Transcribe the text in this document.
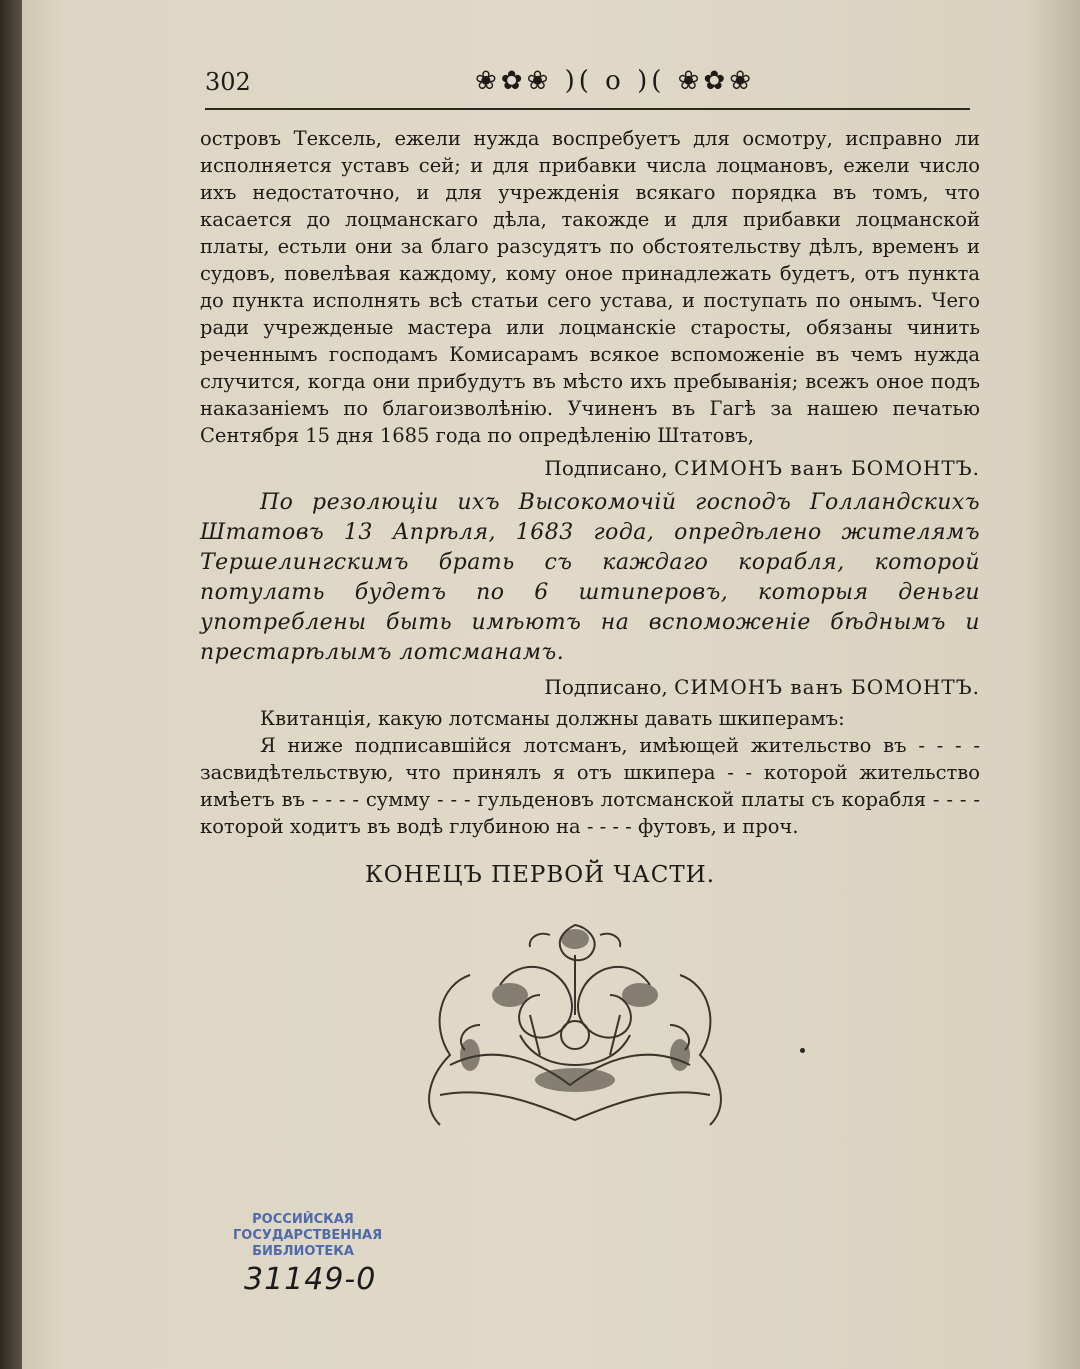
302	❀✿❀ )( o )( ❀✿❀

островъ Тексель, ежели нужда воспребуетъ для осмотру, исправно ли исполняется уставъ сей; и для прибавки числа лоцмановъ, ежели число ихъ недостаточно, и для учрежденія всякаго порядка въ томъ, что касается до лоцманскаго дѣла, такожде и для прибавки лоцманской платы, естьли они за благо разсудятъ по обстоятельству дѣлъ, временъ и судовъ, повелѣвая каждому, кому оное принадлежать будетъ, отъ пункта до пункта исполнять всѣ статьи сего устава, и поступать по онымъ. Чего ради учрежденые мастера или лоцманскіе старосты, обязаны чинить реченнымъ господамъ Комисарамъ всякое вспоможеніе въ чемъ нужда случится, когда они прибудутъ въ мѣсто ихъ пребыванія; всежъ оное подъ наказаніемъ по благоизволѣнію. Учиненъ въ Гагѣ за нашею печатью Сентября 15 дня 1685 года по опредѣленію Штатовъ,

Подписано, СИМОНЪ ванъ БОМОНТЪ.

По резолюціи ихъ Высокомочій господъ Голландскихъ Штатовъ 13 Апрѣля, 1683 года, опредѣлено жителямъ Тершелингскимъ брать съ каждаго корабля, которой потулать будетъ по 6 штиперовъ, которыя деньги употреблены быть имѣютъ на вспоможеніе бѣднымъ и престарѣлымъ лотсманамъ.

Подписано, СИМОНЪ ванъ БОМОНТЪ.

Квитанція, какую лотсманы должны давать шкиперамъ:

Я ниже подписавшійся лотсманъ, имѣющей жительство въ - - - - засвидѣтельствую, что принялъ я отъ шкипера - - которой жительство имѣетъ въ - - - - сумму - - - гульденовъ лотсманской платы съ корабля - - - - которой ходитъ въ водѣ глубиною на - - - - футовъ, и проч.

КОНЕЦЪ ПЕРВОЙ ЧАСТИ.
РОССИЙСКАЯ
ГОСУДАРСТВЕННАЯ
БИБЛИОТЕКА
31149-0
